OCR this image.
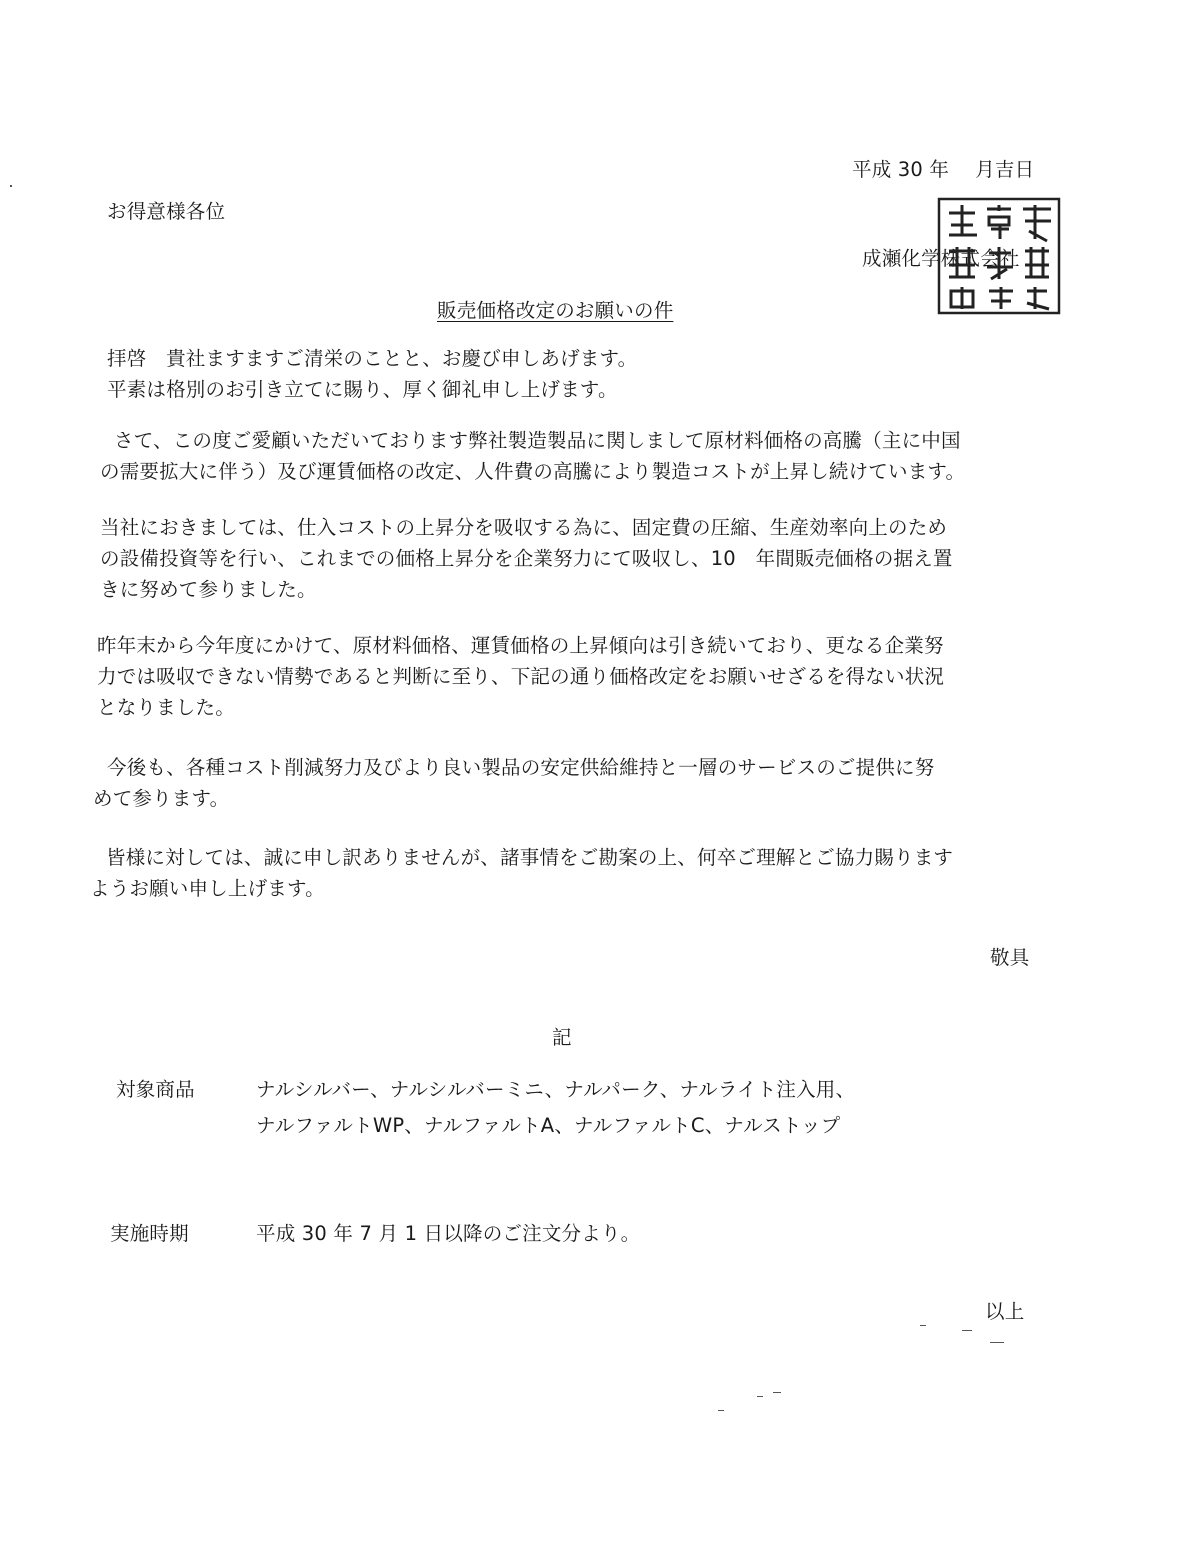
平成 30 年　 月吉日
お得意様各位
成瀬化学株式会社
販売価格改定のお願いの件
拝啓　貴社ますますご清栄のことと、お慶び申しあげます。
平素は格別のお引き立てに賜り、厚く御礼申し上げます。
さて、この度ご愛顧いただいております弊社製造製品に関しまして原材料価格の高騰（主に中国
の需要拡大に伴う）及び運賃価格の改定、人件費の高騰により製造コストが上昇し続けています。
当社におきましては、仕入コストの上昇分を吸収する為に、固定費の圧縮、生産効率向上のため
の設備投資等を行い、これまでの価格上昇分を企業努力にて吸収し、10　年間販売価格の据え置
きに努めて参りました。
昨年末から今年度にかけて、原材料価格、運賃価格の上昇傾向は引き続いており、更なる企業努
力では吸収できない情勢であると判断に至り、下記の通り価格改定をお願いせざるを得ない状況
となりました。
今後も、各種コスト削減努力及びより良い製品の安定供給維持と一層のサービスのご提供に努
めて参ります。
皆様に対しては、誠に申し訳ありませんが、諸事情をご勘案の上、何卒ご理解とご協力賜ります
ようお願い申し上げます。
敬具
記
対象商品	ナルシルバー、ナルシルバーミニ、ナルパーク、ナルライト注入用、
ナルファルトWP、ナルファルトA、ナルファルトC、ナルストップ
実施時期	平成 30 年 7 月 1 日以降のご注文分より。
以上
